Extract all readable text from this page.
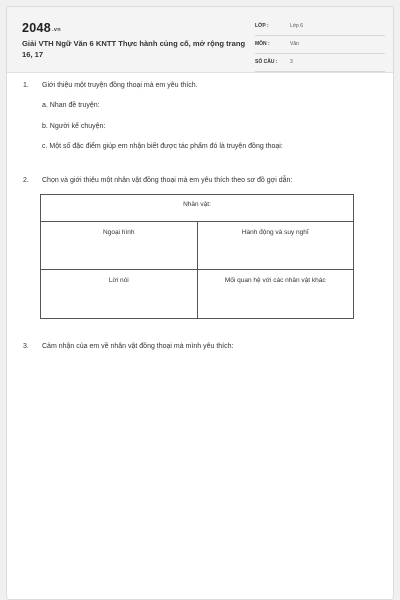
2048.vn
Giải VTH Ngữ Văn 6 KNTT Thực hành củng cố, mở rộng trang 16, 17
LỚP :	Lớp 6
MÔN :	Văn
SỐ CÂU :	3
1. Giới thiệu một truyện đồng thoại mà em yêu thích.
a. Nhan đề truyện:
b. Người kể chuyện:
c. Một số đặc điểm giúp em nhận biết được tác phẩm đó là truyện đồng thoại:
2. Chọn và giới thiệu một nhân vật đồng thoại mà em yêu thích theo sơ đồ gợi dẫn:
Nhân vật:	

Ngoại hình	Hành động và suy nghĩ

Lời nói	Mối quan hệ với các nhân vật khác
3. Cảm nhận của em về nhân vật đồng thoại mà mình yêu thích:
